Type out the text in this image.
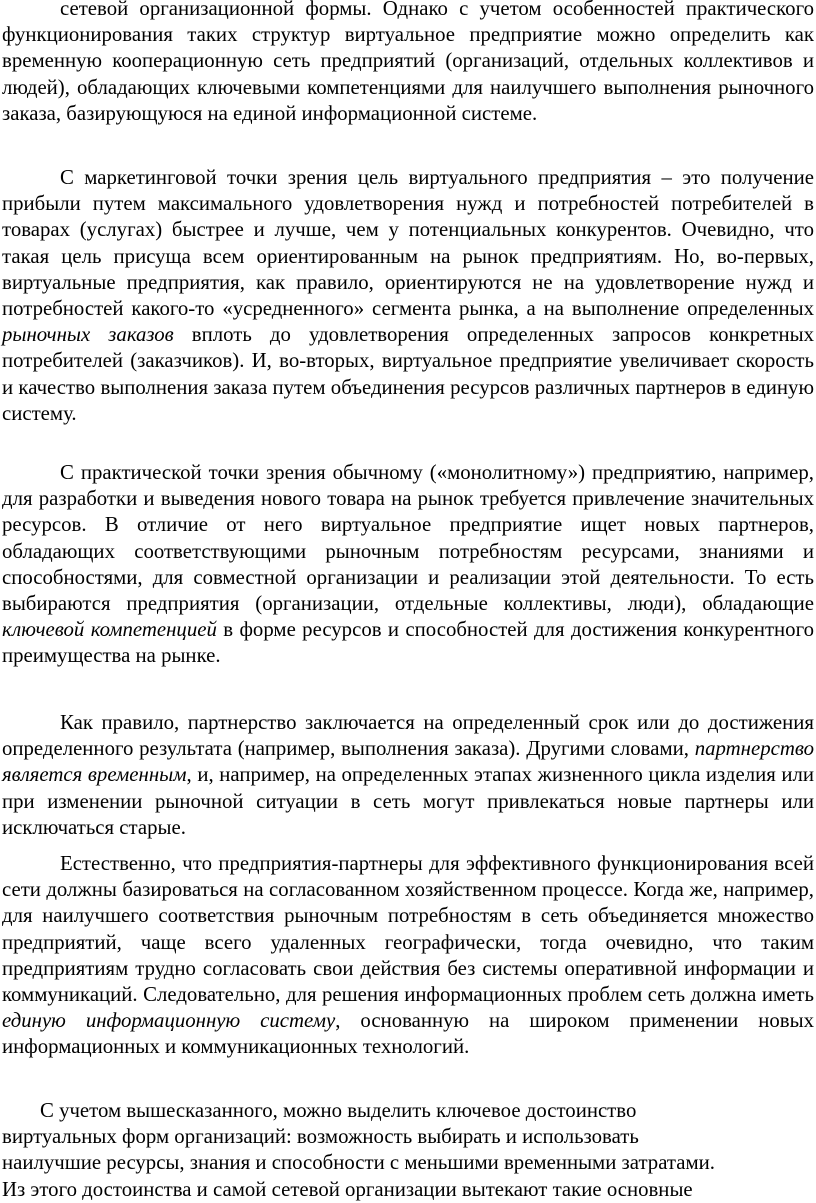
сетевой организационной формы. Однако с учетом особенностей практического функционирования таких структур виртуальное предприятие можно определить как временную кооперационную сеть предприятий (организаций, отдельных коллективов и людей), обладающих ключевыми компетенциями для наилучшего выполнения рыночного заказа, базирующуюся на единой информационной системе.

С маркетинговой точки зрения цель виртуального предприятия – это получение прибыли путем максимального удовлетворения нужд и потребностей потребителей в товарах (услугах) быстрее и лучше, чем у потенциальных конкурентов. Очевидно, что такая цель присуща всем ориентированным на рынок предприятиям. Но, во-первых, виртуальные предприятия, как правило, ориентируются не на удовлетворение нужд и потребностей какого-то «усредненного» сегмента рынка, а на выполнение определенных рыночных заказов вплоть до удовлетворения определенных запросов конкретных потребителей (заказчиков). И, во-вторых, виртуальное предприятие увеличивает скорость и качество выполнения заказа путем объединения ресурсов различных партнеров в единую систему.

С практической точки зрения обычному («монолитному») предприятию, например, для разработки и выведения нового товара на рынок требуется привлечение значительных ресурсов. В отличие от него виртуальное предприятие ищет новых партнеров, обладающих соответствующими рыночным потребностям ресурсами, знаниями и способностями, для совместной организации и реализации этой деятельности. То есть выбираются предприятия (организации, отдельные коллективы, люди), обладающие ключевой компетенцией в форме ресурсов и способностей для достижения конкурентного преимущества на рынке.

Как правило, партнерство заключается на определенный срок или до достижения определенного результата (например, выполнения заказа). Другими словами, партнерство является временным, и, например, на определенных этапах жизненного цикла изделия или при изменении рыночной ситуации в сеть могут привлекаться новые партнеры или исключаться старые.

Естественно, что предприятия-партнеры для эффективного функционирования всей сети должны базироваться на согласованном хозяйственном процессе. Когда же, например, для наилучшего соответствия рыночным потребностям в сеть объединяется множество предприятий, чаще всего удаленных географически, тогда очевидно, что таким предприятиям трудно согласовать свои действия без системы оперативной информации и коммуникаций. Следовательно, для решения информационных проблем сеть должна иметь единую информационную систему, основанную на широком применении новых информационных и коммуникационных технологий.

С учетом вышесказанного, можно выделить ключевое достоинство
виртуальных форм организаций: возможность выбирать и использовать
наилучшие ресурсы, знания и способности с меньшими временными затратами.
Из этого достоинства и самой сетевой организации вытекают такие основные
